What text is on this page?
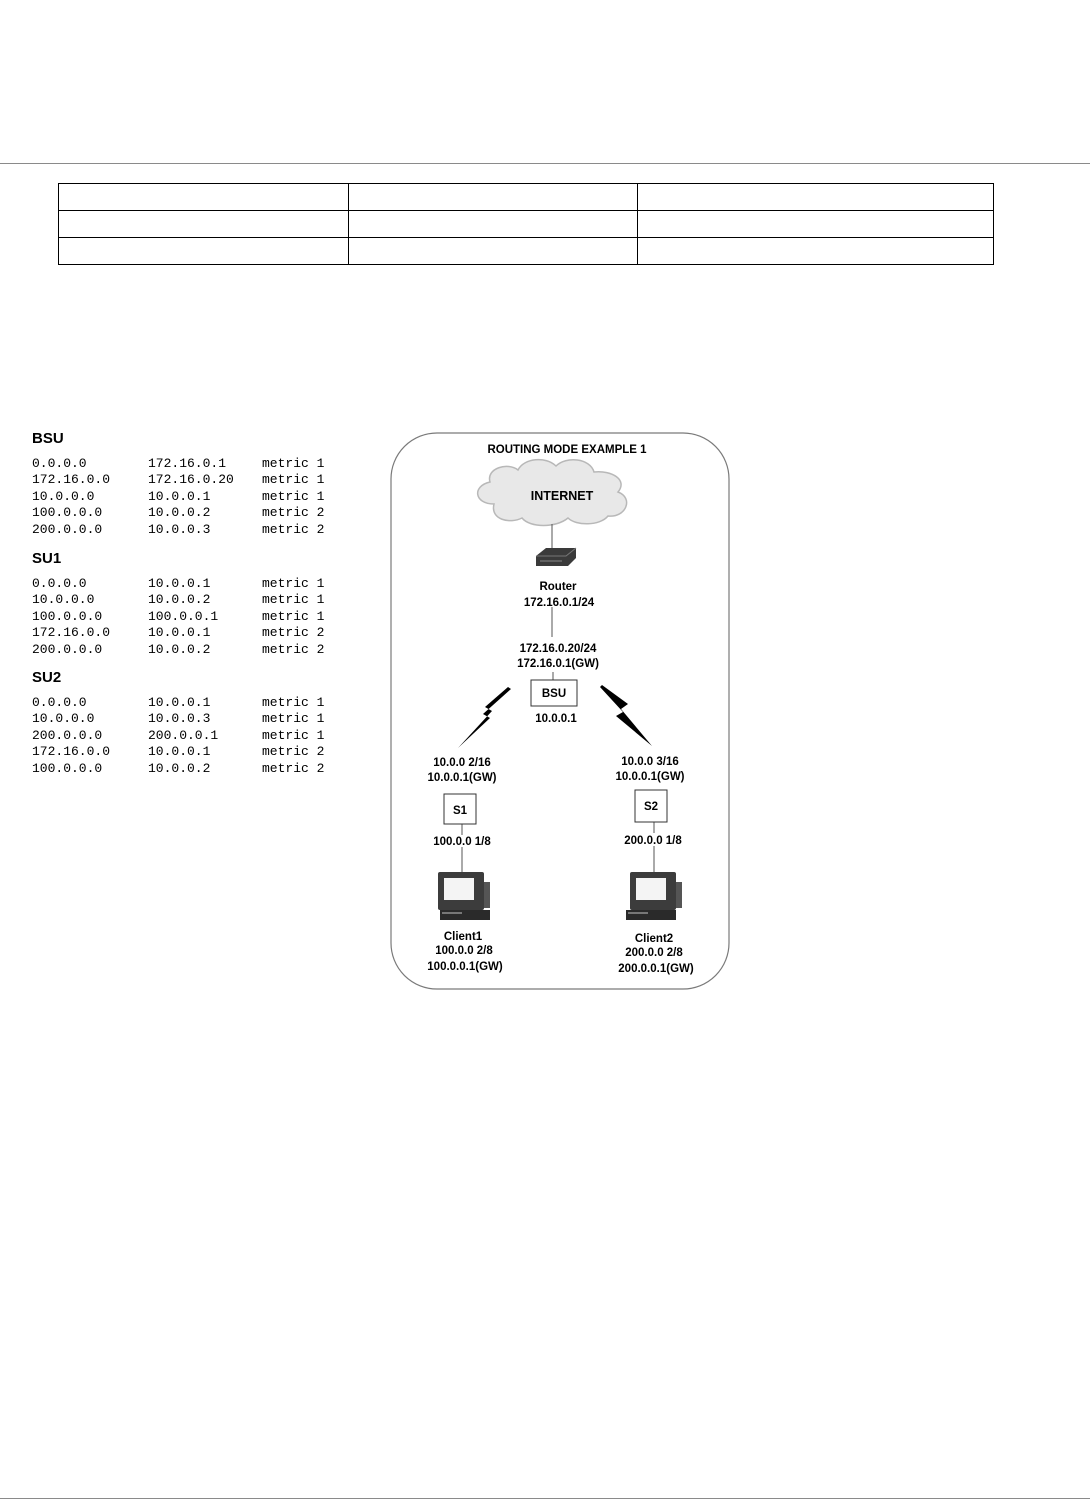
BSU
0.0.0.0	172.16.0.1	metric 1
172.16.0.0	172.16.0.20 metric 1
10.0.0.0	10.0.0.1	metric 1
100.0.0.0	10.0.0.2	metric 2
200.0.0.0	10.0.0.3	metric 2
SU1
0.0.0.0	10.0.0.1	metric 1
10.0.0.0	10.0.0.2	metric 1
100.0.0.0	100.0.0.1	metric 1
172.16.0.0	10.0.0.1	metric 2
200.0.0.0	10.0.0.2	metric 2
SU2
0.0.0.0	10.0.0.1	metric 1
10.0.0.0	10.0.0.3	metric 1
200.0.0.0	200.0.0.1	metric 1
172.16.0.0	10.0.0.1	metric 2
100.0.0.0	10.0.0.2	metric 2
ROUTING MODE EXAMPLE 1
INTERNET
Router
172.16.0.1/24
172.16.0.20/24
172.16.0.1(GW)
BSU
10.0.0.1
10.0.0 2/16
10.0.0.1(GW)
S1
100.0.0 1/8
10.0.0 3/16
10.0.0.1(GW)
S2
200.0.0 1/8
Client1
100.0.0 2/8
100.0.0.1(GW)
Client2
200.0.0 2/8
200.0.0.1(GW)
